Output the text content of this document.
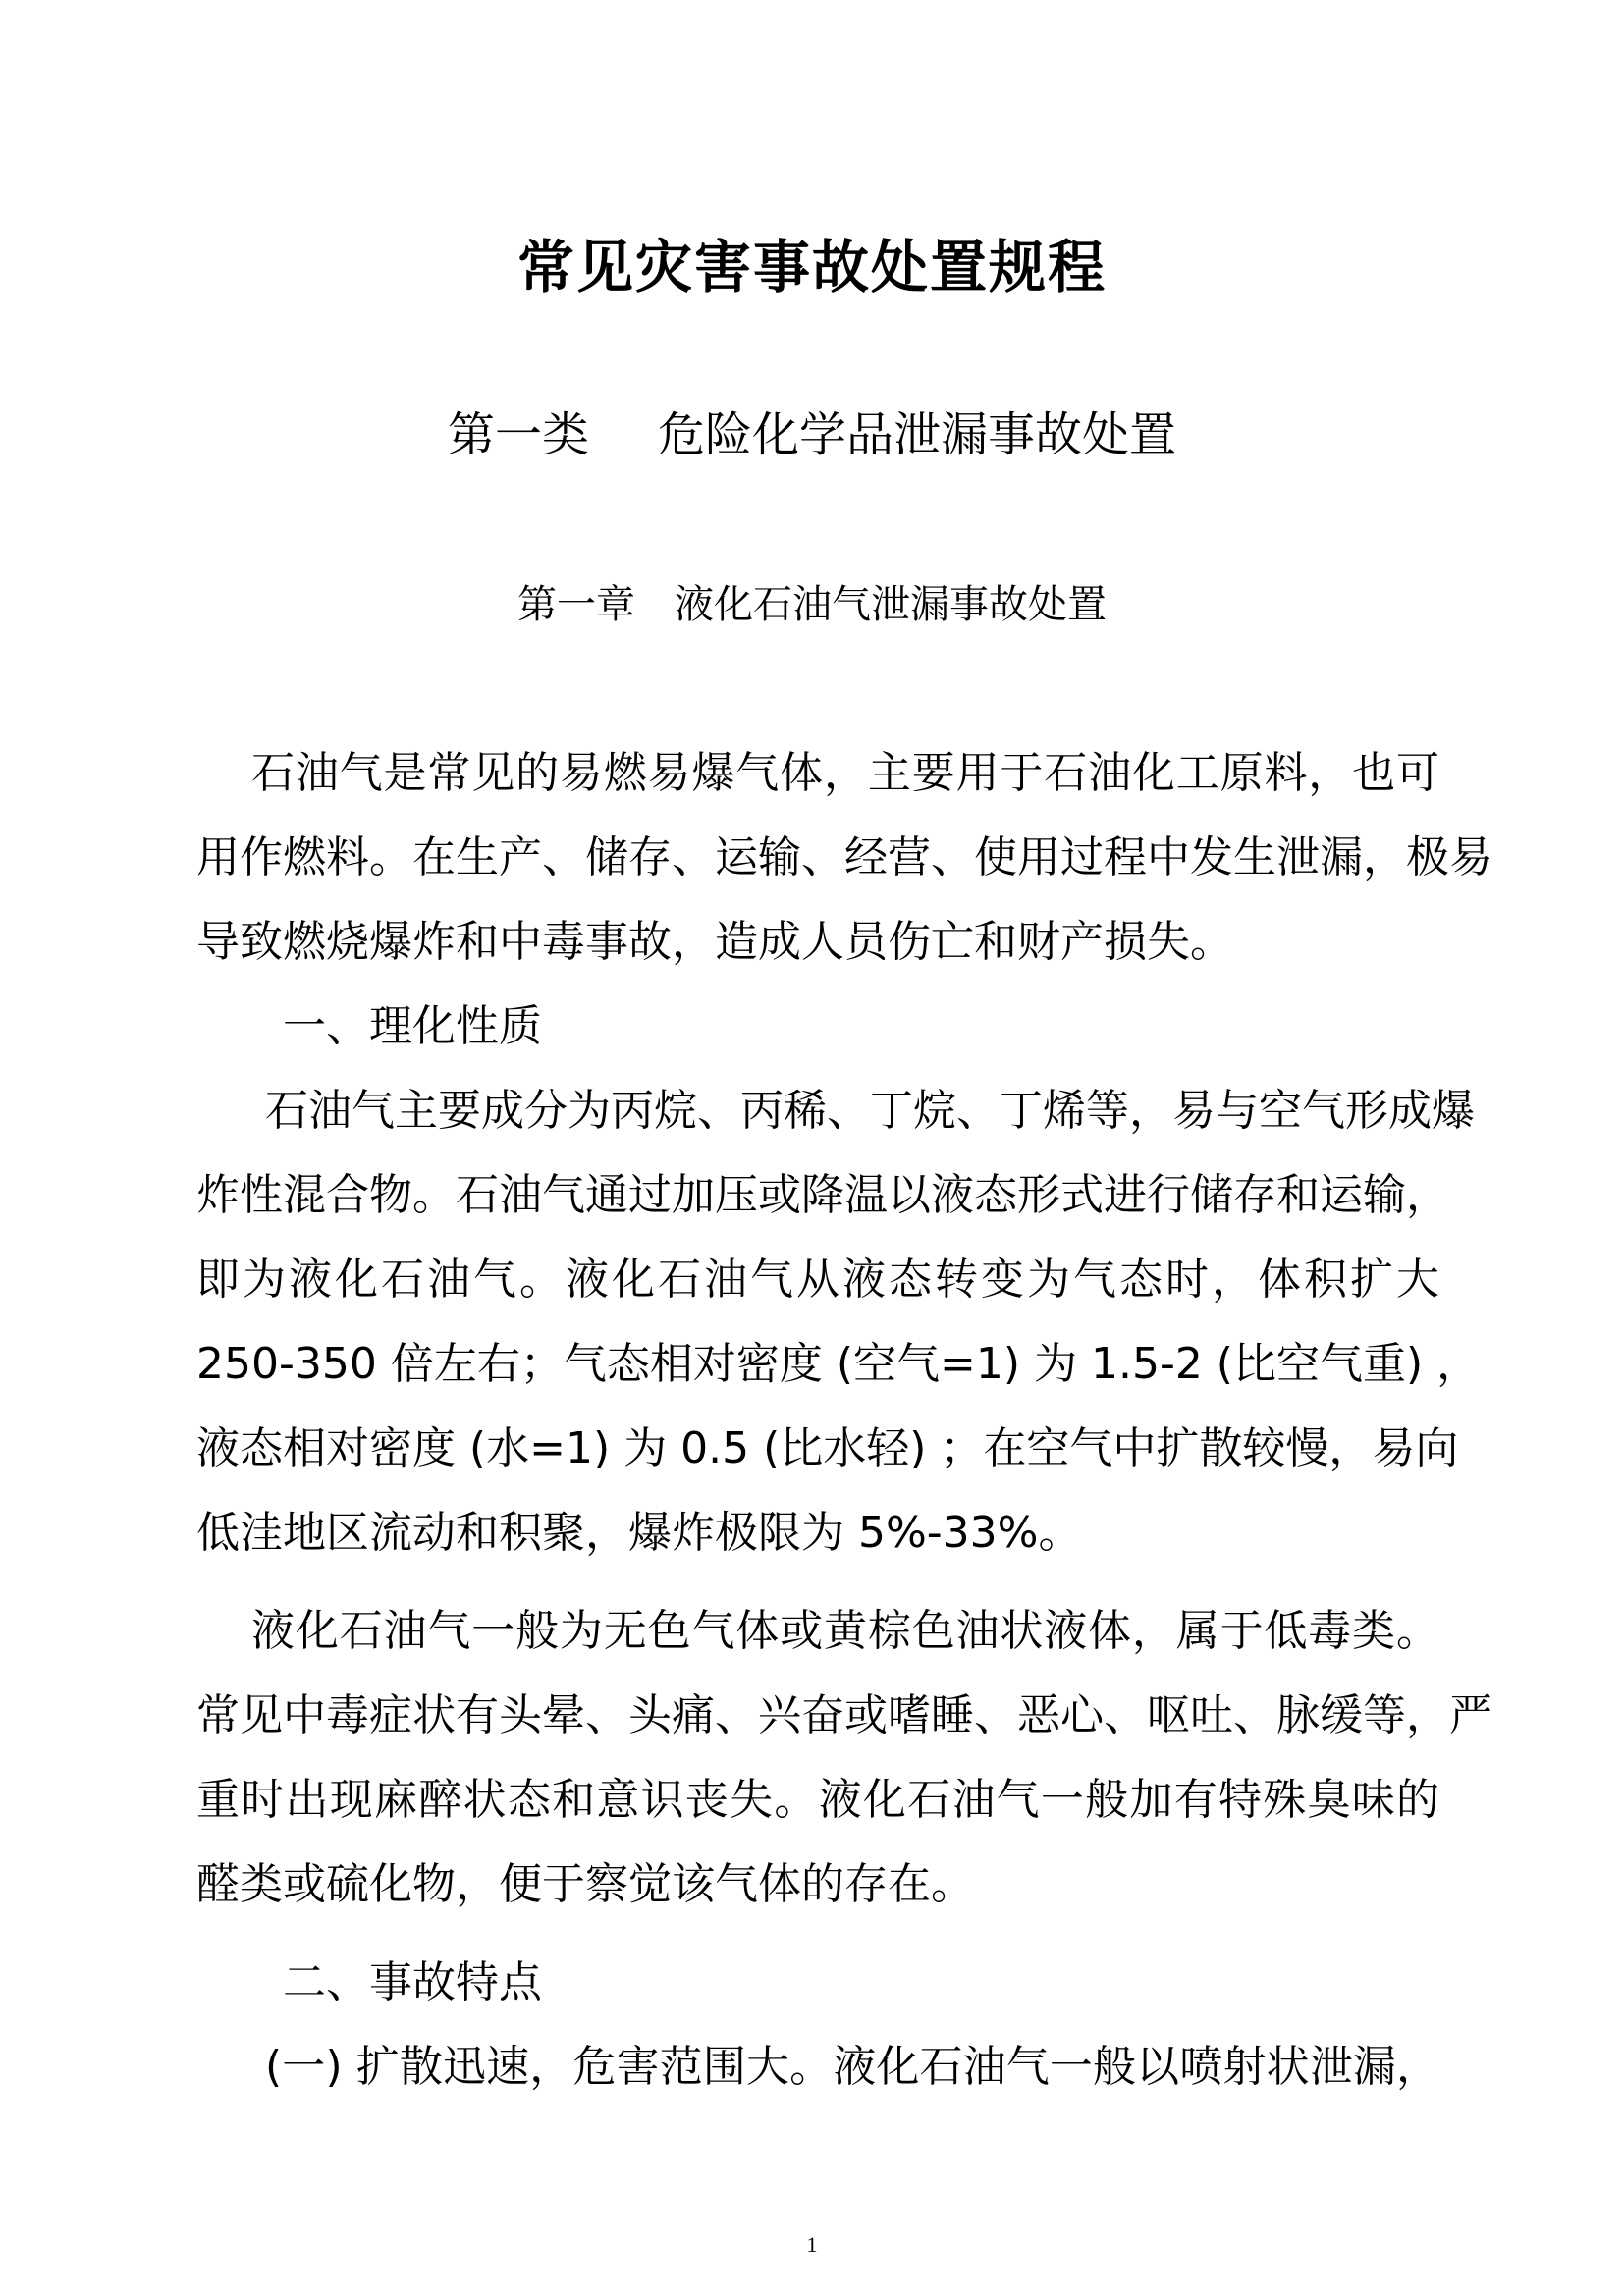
常见灾害事故处置规程
第一类 危险化学品泄漏事故处置
第一章 液化石油气泄漏事故处置
石油气是常见的易燃易爆气体，主要用于石油化工原料，也可
用作燃料。在生产、储存、运输、经营、使用过程中发生泄漏，极易
导致燃烧爆炸和中毒事故，造成人员伤亡和财产损失。
一、理化性质
石油气主要成分为丙烷、丙稀、丁烷、丁烯等，易与空气形成爆
炸性混合物。石油气通过加压或降温以液态形式进行储存和运输，
即为液化石油气。液化石油气从液态转变为气态时，体积扩大
250-350 倍左右；气态相对密度 (空气=1) 为 1.5-2 (比空气重) ，
液态相对密度 (水=1) 为 0.5 (比水轻) ；在空气中扩散较慢，易向
低洼地区流动和积聚，爆炸极限为 5%-33%。
液化石油气一般为无色气体或黄棕色油状液体，属于低毒类。
常见中毒症状有头晕、头痛、兴奋或嗜睡、恶心、呕吐、脉缓等，严
重时出现麻醉状态和意识丧失。液化石油气一般加有特殊臭味的
醛类或硫化物，便于察觉该气体的存在。
二、事故特点
(一) 扩散迅速，危害范围大。液化石油气一般以喷射状泄漏，
1
